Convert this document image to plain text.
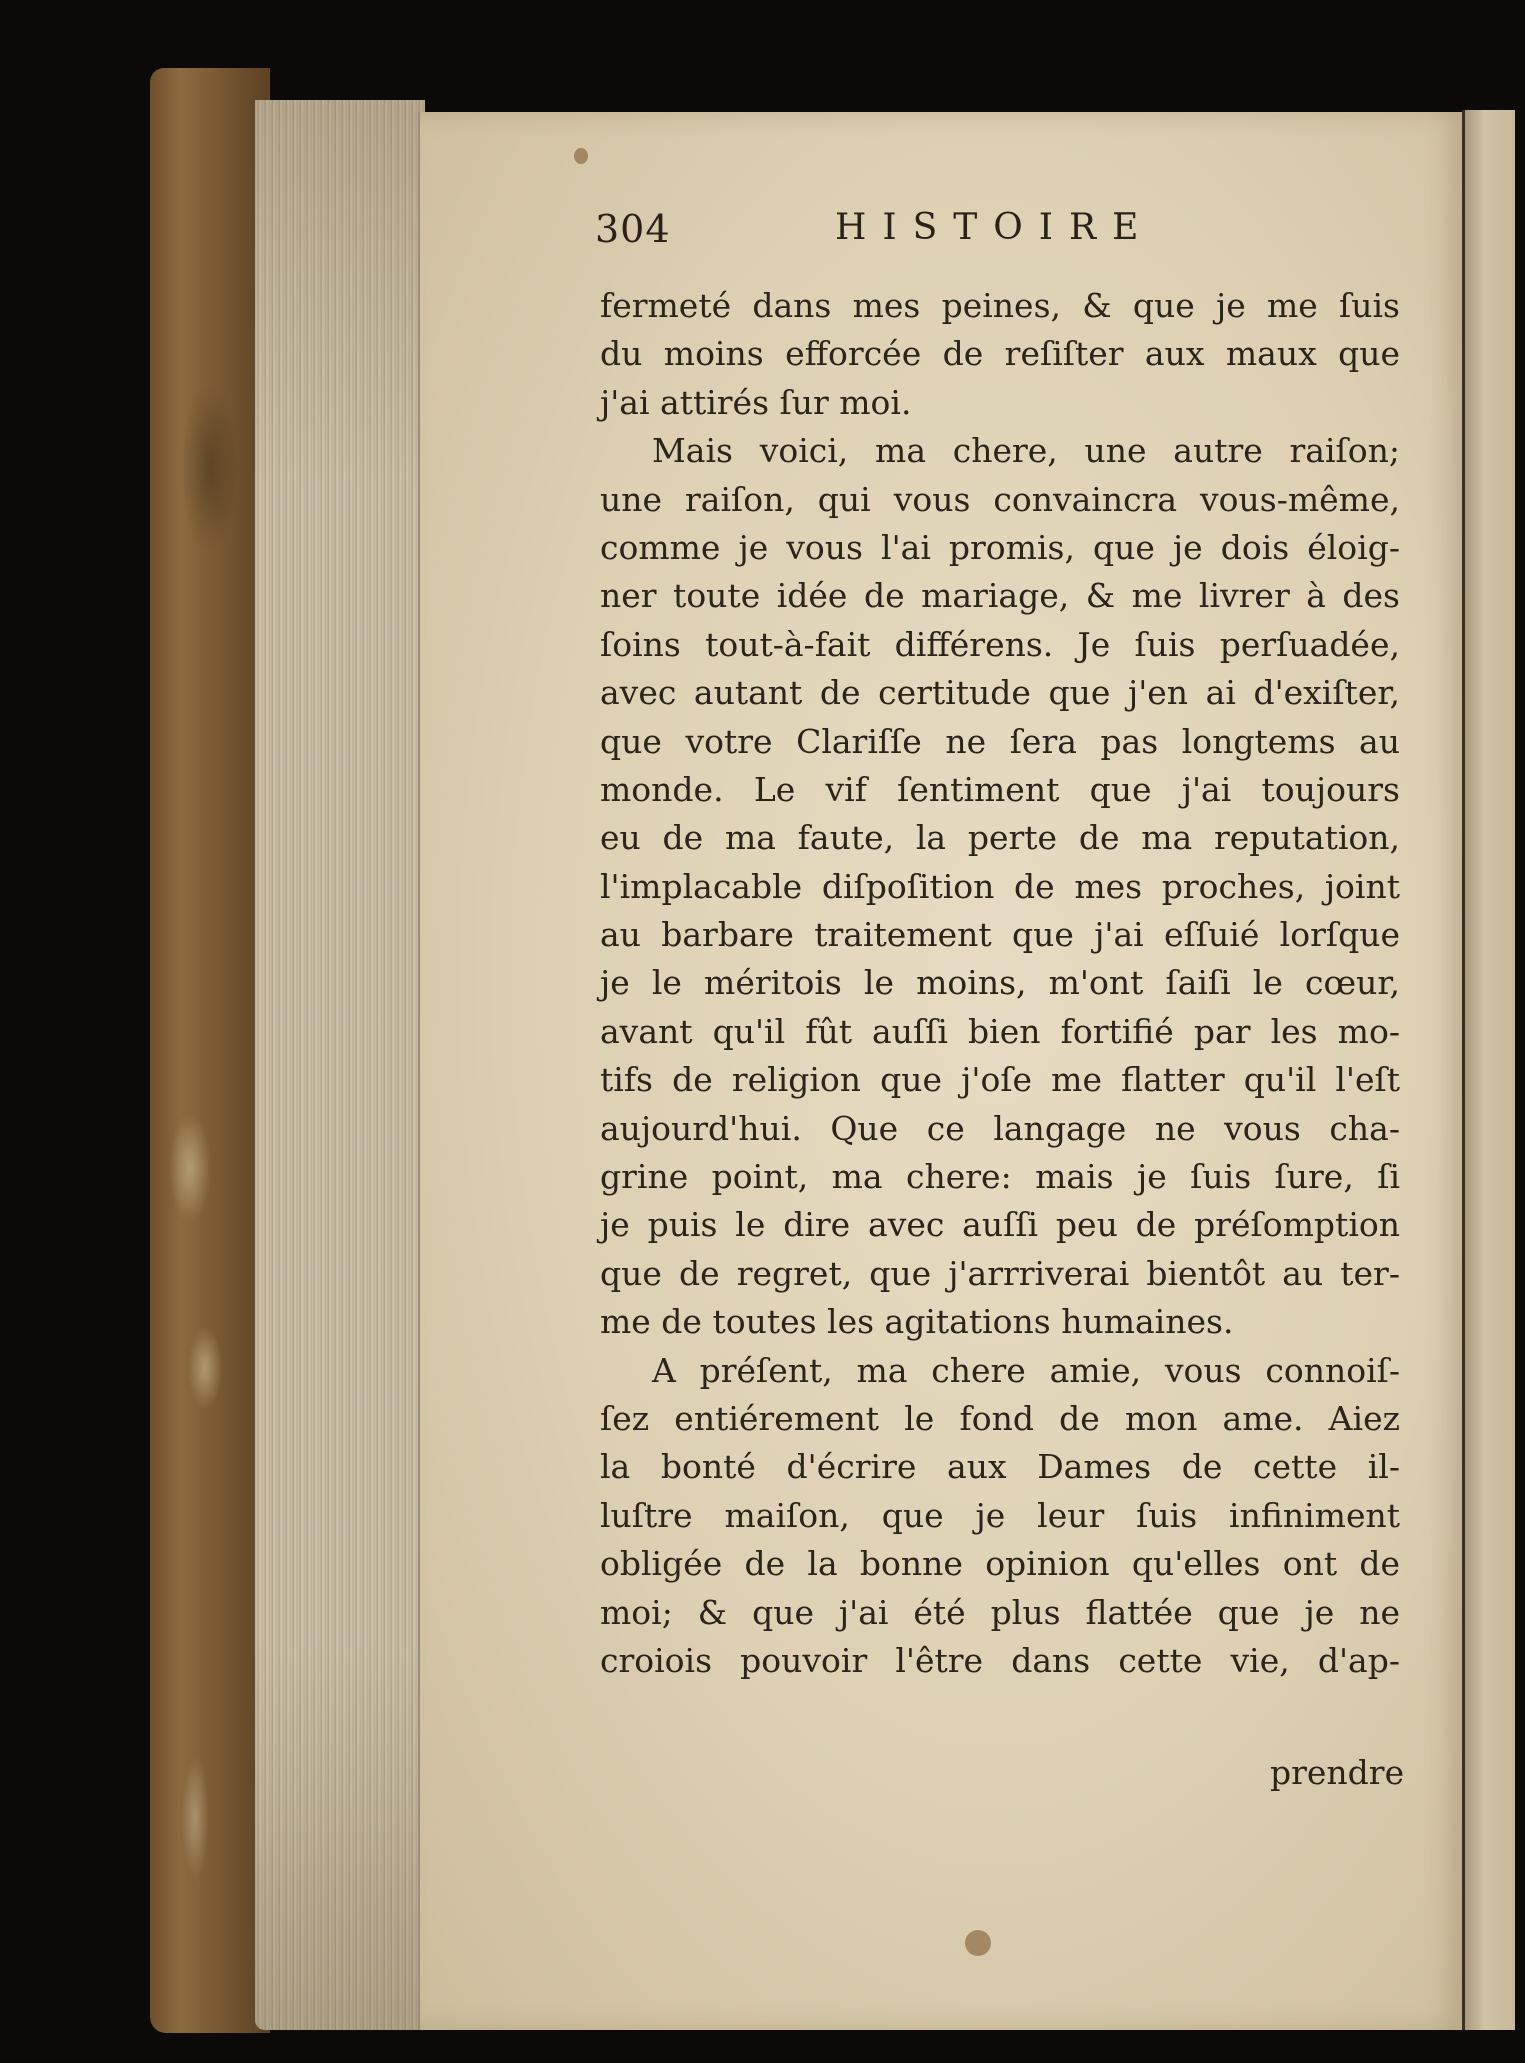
304	HISTOIRE
fermeté dans mes peines, & que je me ſuis
du moins efforcée de reſiſter aux maux que
j'ai attirés ſur moi.
Mais voici, ma chere, une autre raiſon;
une raiſon, qui vous convaincra vous-même,
comme je vous l'ai promis, que je dois éloig-
ner toute idée de mariage, & me livrer à des
ſoins tout-à-fait différens. Je ſuis perſuadée,
avec autant de certitude que j'en ai d'exiſter,
que votre Clariſſe ne ſera pas longtems au
monde. Le vif ſentiment que j'ai toujours
eu de ma faute, la perte de ma reputation,
l'implacable diſpoſition de mes proches, joint
au barbare traitement que j'ai eſſuié lorſque
je le méritois le moins, m'ont ſaiſi le cœur,
avant qu'il fût auſſi bien fortifié par les mo-
tifs de religion que j'oſe me flatter qu'il l'eſt
aujourd'hui. Que ce langage ne vous cha-
grine point, ma chere: mais je ſuis ſure, ſi
je puis le dire avec auſſi peu de préſomption
que de regret, que j'arrriverai bientôt au ter-
me de toutes les agitations humaines.
A préſent, ma chere amie, vous connoiſ-
ſez entiérement le fond de mon ame. Aiez
la bonté d'écrire aux Dames de cette il-
luſtre maiſon, que je leur ſuis infiniment
obligée de la bonne opinion qu'elles ont de
moi; & que j'ai été plus flattée que je ne
croiois pouvoir l'être dans cette vie, d'ap-
prendre
